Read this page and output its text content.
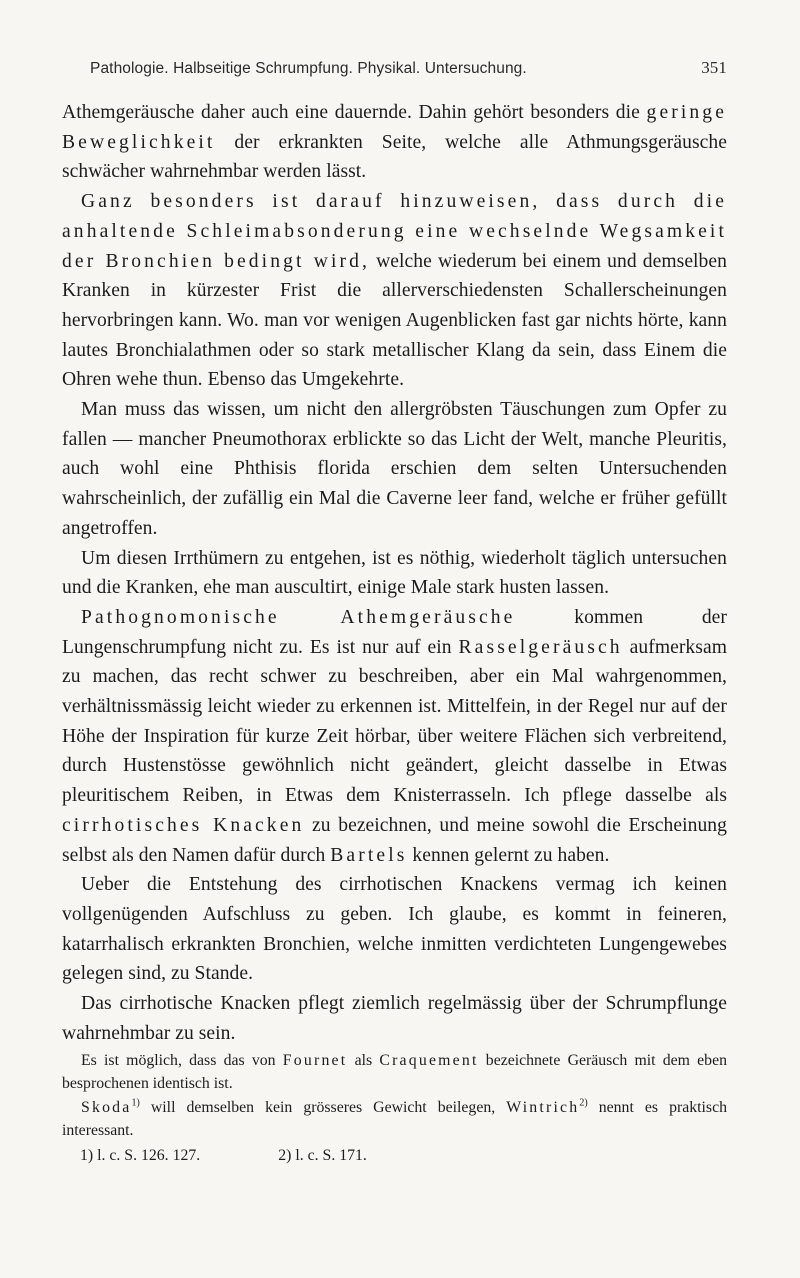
Pathologie. Halbseitige Schrumpfung. Physikal. Untersuchung.	351

Athemgeräusche daher auch eine dauernde. Dahin gehört besonders die geringe Beweglichkeit der erkrankten Seite, welche alle Athmungsgeräusche schwächer wahrnehmbar werden lässt.

Ganz besonders ist darauf hinzuweisen, dass durch die anhaltende Schleimabsonderung eine wechselnde Wegsamkeit der Bronchien bedingt wird, welche wiederum bei einem und demselben Kranken in kürzester Frist die allerverschiedensten Schallerscheinungen hervorbringen kann. Wo. man vor wenigen Augenblicken fast gar nichts hörte, kann lautes Bronchialathmen oder so stark metallischer Klang da sein, dass Einem die Ohren wehe thun. Ebenso das Umgekehrte.

Man muss das wissen, um nicht den allergröbsten Täuschungen zum Opfer zu fallen — mancher Pneumothorax erblickte so das Licht der Welt, manche Pleuritis, auch wohl eine Phthisis florida erschien dem selten Untersuchenden wahrscheinlich, der zufällig ein Mal die Caverne leer fand, welche er früher gefüllt angetroffen.

Um diesen Irrthümern zu entgehen, ist es nöthig, wiederholt täglich untersuchen und die Kranken, ehe man auscultirt, einige Male stark husten lassen.

Pathognomonische Athemgeräusche kommen der Lungenschrumpfung nicht zu. Es ist nur auf ein Rasselgeräusch aufmerksam zu machen, das recht schwer zu beschreiben, aber ein Mal wahrgenommen, verhältnissmässig leicht wieder zu erkennen ist. Mittelfein, in der Regel nur auf der Höhe der Inspiration für kurze Zeit hörbar, über weitere Flächen sich verbreitend, durch Hustenstösse gewöhnlich nicht geändert, gleicht dasselbe in Etwas pleuritischem Reiben, in Etwas dem Knisterrasseln. Ich pflege dasselbe als cirrhotisches Knacken zu bezeichnen, und meine sowohl die Erscheinung selbst als den Namen dafür durch Bartels kennen gelernt zu haben.

Ueber die Entstehung des cirrhotischen Knackens vermag ich keinen vollgenügenden Aufschluss zu geben. Ich glaube, es kommt in feineren, katarrhalisch erkrankten Bronchien, welche inmitten verdichteten Lungengewebes gelegen sind, zu Stande.

Das cirrhotische Knacken pflegt ziemlich regelmässig über der Schrumpflunge wahrnehmbar zu sein.

Es ist möglich, dass das von Fournet als Craquement bezeichnete Geräusch mit dem eben besprochenen identisch ist.

Skoda$^{1)}$ will demselben kein grösseres Gewicht beilegen, Wintrich$^{2)}$ nennt es praktisch interessant.

1) l. c. S. 126. 127.	2) l. c. S. 171.
